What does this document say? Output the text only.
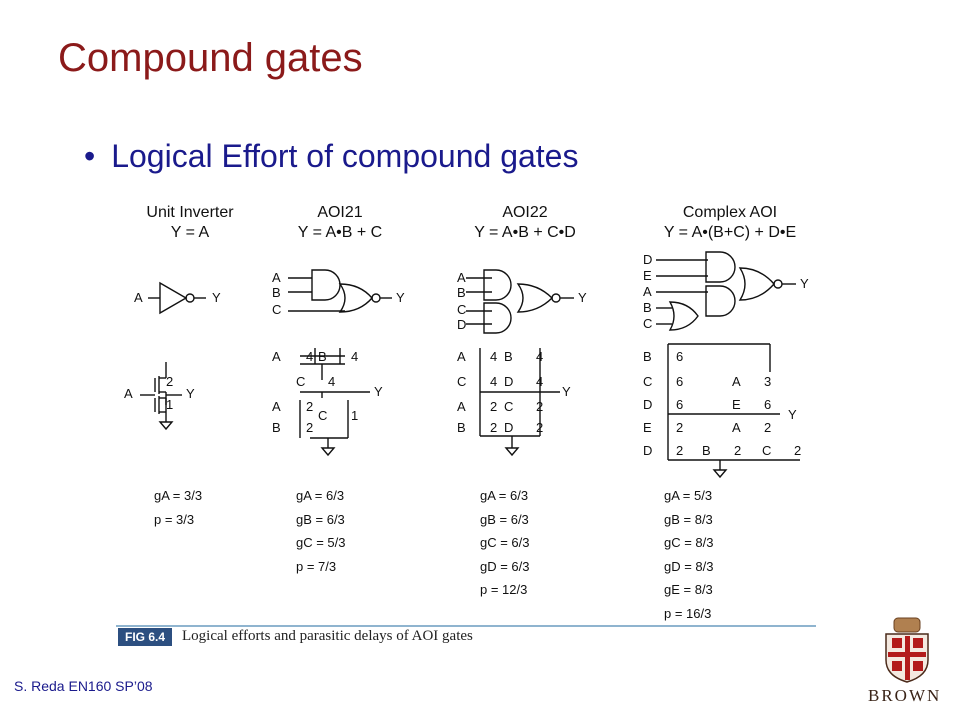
Compound gates
• Logical Effort of compound gates
Unit Inverter
Y = A
AOI21
Y = A•B + C
AOI22
Y = A•B + C•D
Complex AOI
Y = A•(B+C) + D•E
A	Y
2
1
A	Y
A
B
C
Y
A
B
C
D
Y
D
E
A
B
C
Y
A 4 B 4
C 4
A 2
C 1
B 2
Y
A 4 B 4
C 4 D 4
A 2 C 2
B 2 D 2
Y
B 6
C 6	A 3
D 6	E 6
E 2	A 2
D 2 B 2 C 2
Y
gA = 3/3
p = 3/3
gA = 6/3
gB = 6/3
gC = 5/3
p = 7/3
gA = 6/3
gB = 6/3
gC = 6/3
gD = 6/3
p = 12/3
gA = 5/3
gB = 8/3
gC = 8/3
gD = 8/3
gE = 8/3
p = 16/3
FIG 6.4	Logical efforts and parasitic delays of AOI gates
S. Reda EN160 SP’08	BROWN
